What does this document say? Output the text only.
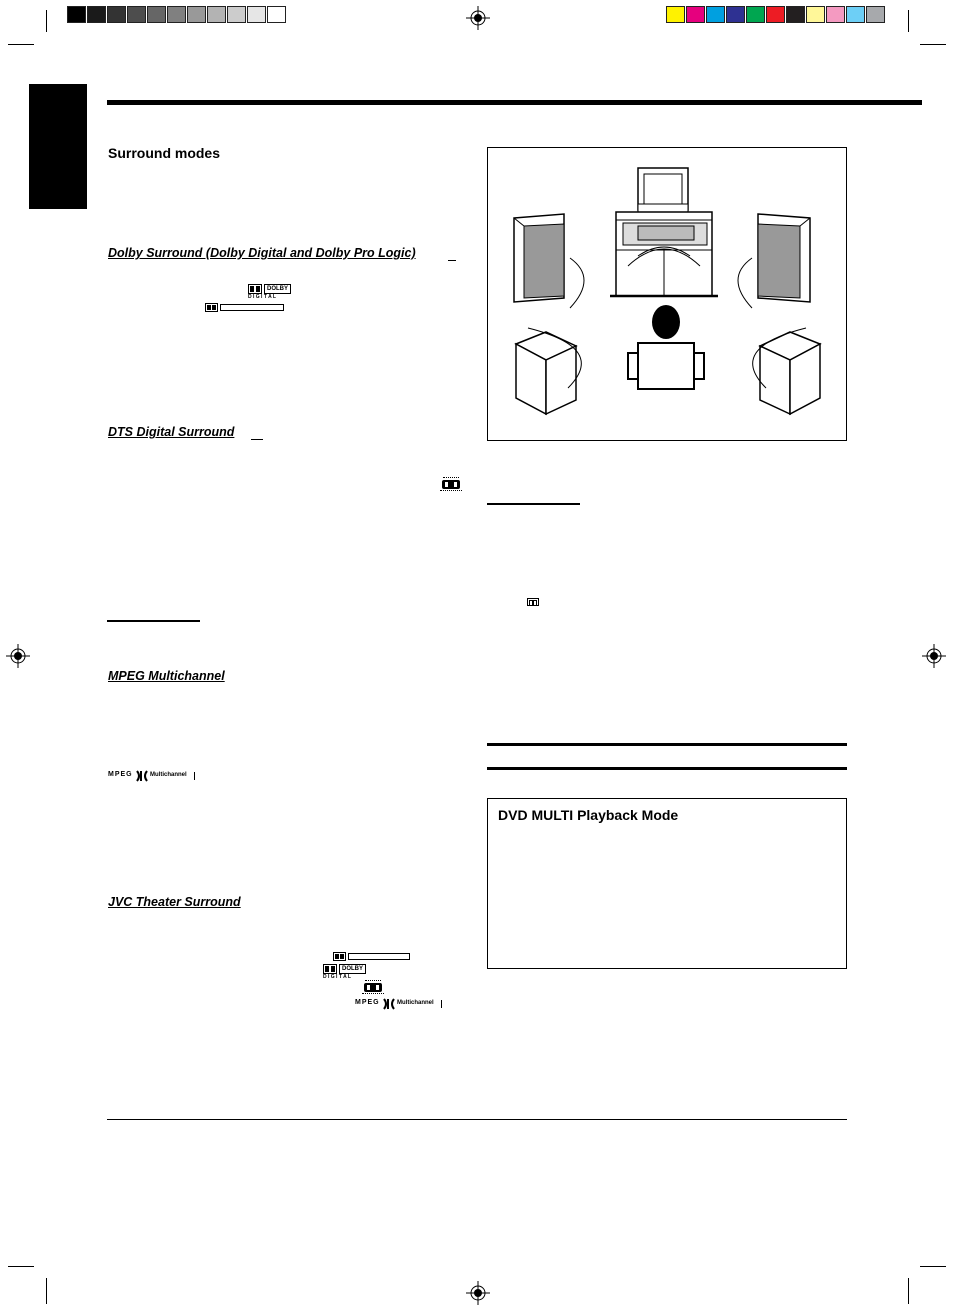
Surround modes
Dolby Surround (Dolby Digital and Dolby Pro Logic)
DOLBY
D I G I T A L
DTS Digital Surround
MPEG Multichannel
MPEG	Multichannel
JVC Theater Surround
DOLBY
D I G I T A L
MPEG	Multichannel
DVD MULTI Playback Mode
